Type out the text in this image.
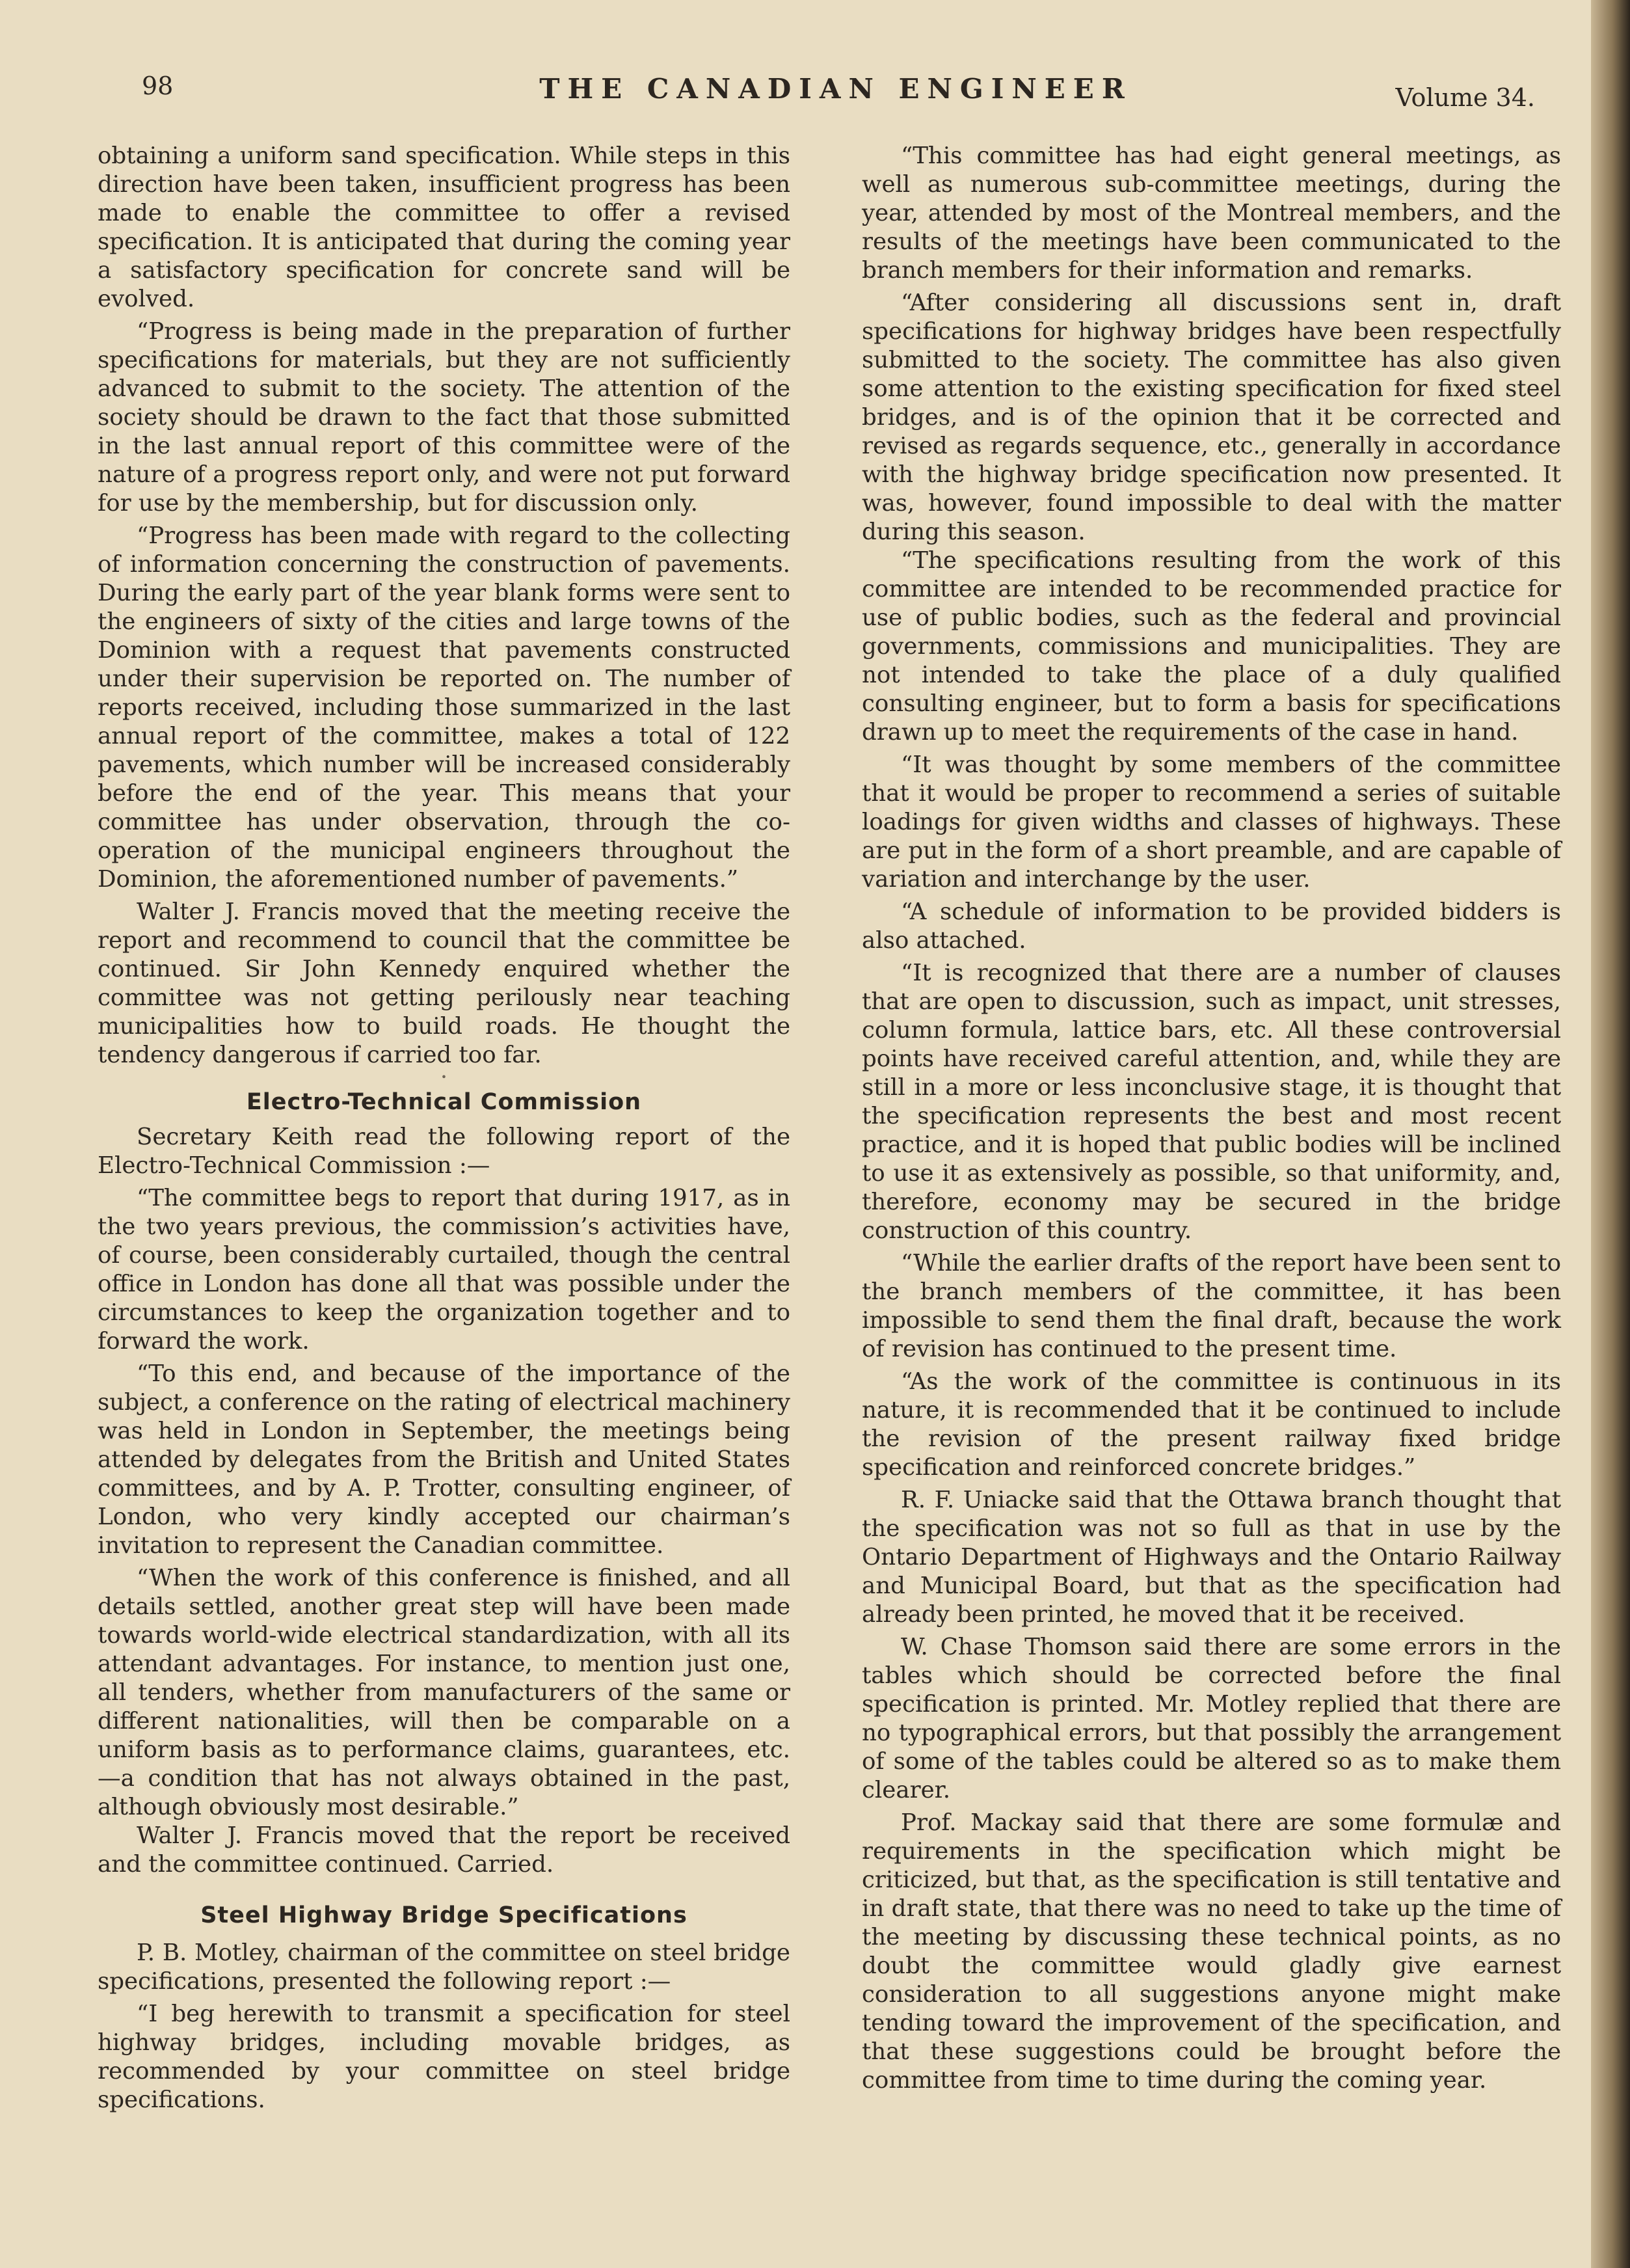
98	THE CANADIAN ENGINEER	Volume 34.

obtaining a uniform sand specification. While steps in this direction have been taken, insufficient progress has been made to enable the committee to offer a revised specification. It is anticipated that during the coming year a satisfactory specification for concrete sand will be evolved.

“Progress is being made in the preparation of further specifications for materials, but they are not sufficiently advanced to submit to the society. The attention of the society should be drawn to the fact that those submitted in the last annual report of this committee were of the nature of a progress report only, and were not put forward for use by the membership, but for discussion only.

“Progress has been made with regard to the collecting of information concerning the construction of pavements. During the early part of the year blank forms were sent to the engineers of sixty of the cities and large towns of the Dominion with a request that pavements constructed under their supervision be reported on. The number of reports received, including those summarized in the last annual report of the committee, makes a total of 122 pavements, which number will be increased considerably before the end of the year. This means that your committee has under observation, through the co-operation of the municipal engineers throughout the Dominion, the aforementioned number of pavements.”

Walter J. Francis moved that the meeting receive the report and recommend to council that the committee be continued. Sir John Kennedy enquired whether the committee was not getting perilously near teaching municipalities how to build roads. He thought the tendency dangerous if carried too far.

•
Electro-Technical Commission

Secretary Keith read the following report of the Electro-Technical Commission :—

“The committee begs to report that during 1917, as in the two years previous, the commission’s activities have, of course, been considerably curtailed, though the central office in London has done all that was possible under the circumstances to keep the organization together and to forward the work.

“To this end, and because of the importance of the subject, a conference on the rating of electrical machinery was held in London in September, the meetings being attended by delegates from the British and United States committees, and by A. P. Trotter, consulting engineer, of London, who very kindly accepted our chairman’s invitation to represent the Canadian committee.

“When the work of this conference is finished, and all details settled, another great step will have been made towards world-wide electrical standardization, with all its attendant advantages. For instance, to mention just one, all tenders, whether from manufacturers of the same or different nationalities, will then be comparable on a uniform basis as to performance claims, guarantees, etc. —a condition that has not always obtained in the past, although obviously most desirable.”

Walter J. Francis moved that the report be received and the committee continued. Carried.

Steel Highway Bridge Specifications

P. B. Motley, chairman of the committee on steel bridge specifications, presented the following report :—

“I beg herewith to transmit a specification for steel highway bridges, including movable bridges, as recommended by your committee on steel bridge specifications.

“This committee has had eight general meetings, as well as numerous sub-committee meetings, during the year, attended by most of the Montreal members, and the results of the meetings have been communicated to the branch members for their information and remarks.

“After considering all discussions sent in, draft specifications for highway bridges have been respectfully submitted to the society. The committee has also given some attention to the existing specification for fixed steel bridges, and is of the opinion that it be corrected and revised as regards sequence, etc., generally in accordance with the highway bridge specification now presented. It was, however, found impossible to deal with the matter during this season.

“The specifications resulting from the work of this committee are intended to be recommended practice for use of public bodies, such as the federal and provincial governments, commissions and municipalities. They are not intended to take the place of a duly qualified consulting engineer, but to form a basis for specifications drawn up to meet the requirements of the case in hand.

“It was thought by some members of the committee that it would be proper to recommend a series of suitable loadings for given widths and classes of highways. These are put in the form of a short preamble, and are capable of variation and interchange by the user.

“A schedule of information to be provided bidders is also attached.

“It is recognized that there are a number of clauses that are open to discussion, such as impact, unit stresses, column formula, lattice bars, etc. All these controversial points have received careful attention, and, while they are still in a more or less inconclusive stage, it is thought that the specification represents the best and most recent practice, and it is hoped that public bodies will be inclined to use it as extensively as possible, so that uniformity, and, therefore, economy may be secured in the bridge construction of this country.

“While the earlier drafts of the report have been sent to the branch members of the committee, it has been impossible to send them the final draft, because the work of revision has continued to the present time.

“As the work of the committee is continuous in its nature, it is recommended that it be continued to include the revision of the present railway fixed bridge specification and reinforced concrete bridges.”

R. F. Uniacke said that the Ottawa branch thought that the specification was not so full as that in use by the Ontario Department of Highways and the Ontario Railway and Municipal Board, but that as the specification had already been printed, he moved that it be received.

W. Chase Thomson said there are some errors in the tables which should be corrected before the final specification is printed. Mr. Motley replied that there are no typographical errors, but that possibly the arrangement of some of the tables could be altered so as to make them clearer.

Prof. Mackay said that there are some formulæ and requirements in the specification which might be criticized, but that, as the specification is still tentative and in draft state, that there was no need to take up the time of the meeting by discussing these technical points, as no doubt the committee would gladly give earnest consideration to all suggestions anyone might make tending toward the improvement of the specification, and that these suggestions could be brought before the committee from time to time during the coming year.
